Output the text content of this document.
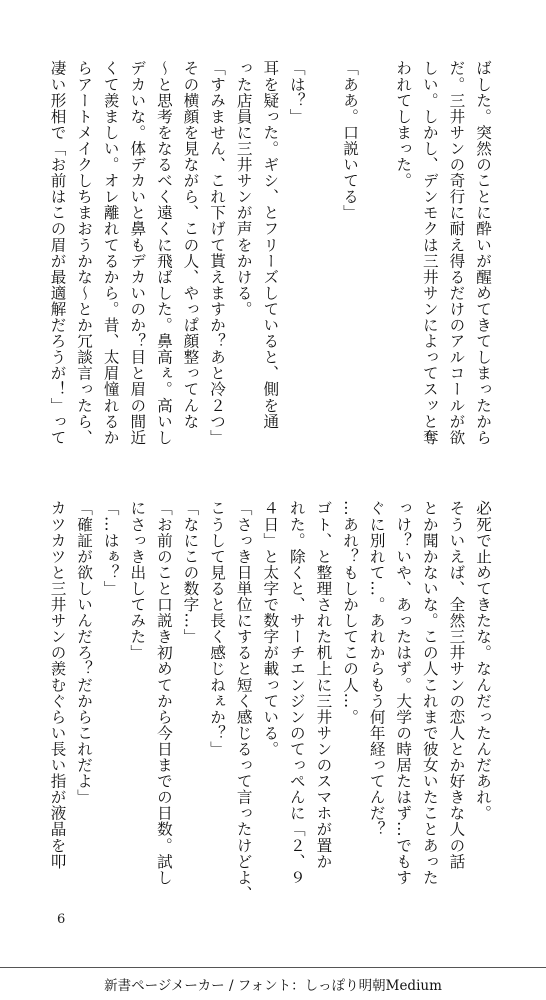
ばした。突然のことに酔いが醒めてきてしまったから

だ。三井サンの奇行に耐え得るだけのアルコールが欲

しい。しかし、デンモクは三井サンによってスッと奪

われてしまった。

「ああ。口説いてる」

「は？」

耳を疑った。ギシ、とフリーズしていると、側を通

った店員に三井サンが声をかける。

「すみません、これ下げて貰えますか？あと冷２つ」

その横顔を見ながら、この人、やっぱ顔整ってんな

〜と思考をなるべく遠くに飛ばした。鼻高ぇ。高いし

デカいな。体デカいと鼻もデカいのか？目と眉の間近

くて羨ましい。オレ離れてるから。昔、太眉憧れるか

らアートメイクしちまおうかな〜とか冗談言ったら、

凄い形相で「お前はこの眉が最適解だろうが！」って

必死で止めてきたな。なんだったんだあれ。

そういえば、全然三井サンの恋人とか好きな人の話

とか聞かないな。この人これまで彼女いたことあった

っけ？いや、あったはず。大学の時居たはず…でもす

ぐに別れて…。あれからもう何年経ってんだ？

…あれ？もしかしてこの人…。

ゴト、と整理された机上に三井サンのスマホが置か

れた。除くと、サーチエンジンのてっぺんに「２、９

４日」と太字で数字が載っている。

「さっき日単位にすると短く感じるって言ったけどよ、

こうして見ると長く感じねぇか？」

「なにこの数字…」

「お前のこと口説き初めてから今日までの日数。試し

にさっき出してみた」

「…はぁ？」

「確証が欲しいんだろ？だからこれだよ」

カツカツと三井サンの羨むぐらい長い指が液晶を叩

6
新書ページメーカー / フォント：しっぽり明朝Medium
